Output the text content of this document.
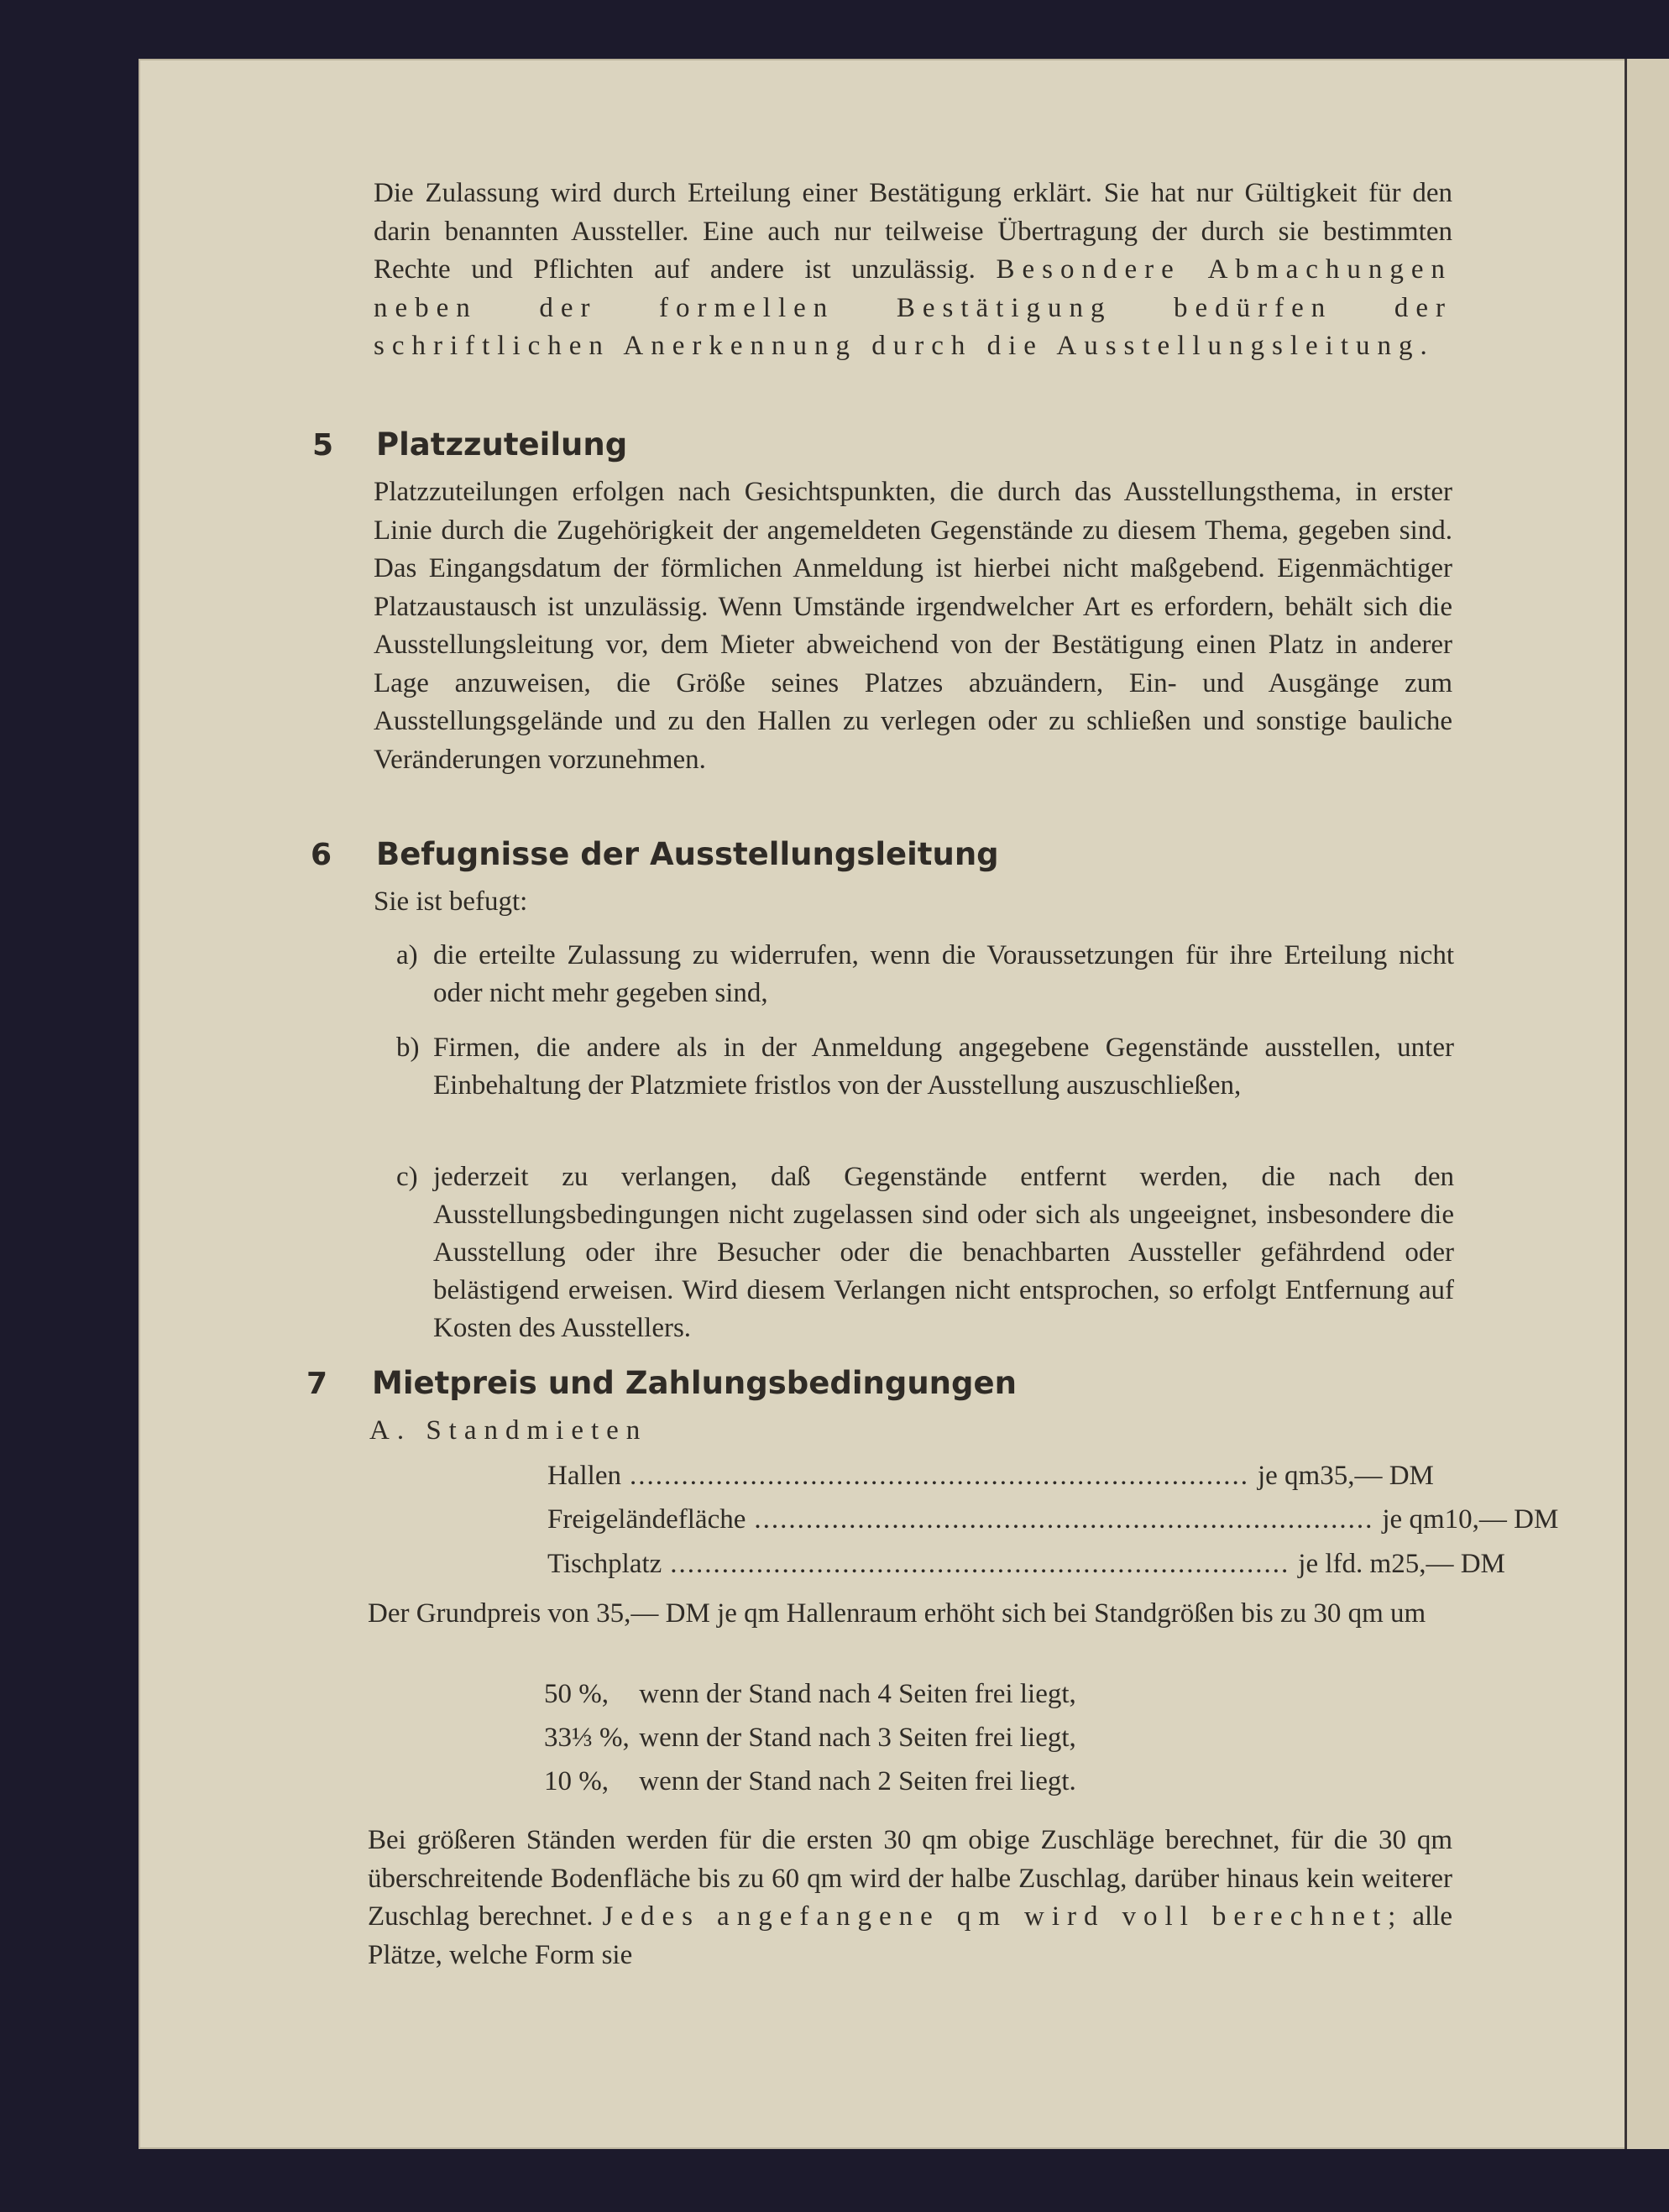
Die Zulassung wird durch Erteilung einer Bestätigung erklärt. Sie hat nur Gültigkeit für den darin benannten Aussteller. Eine auch nur teilweise Übertragung der durch sie bestimmten Rechte und Pflichten auf andere ist unzulässig. Besondere Abmachungen neben der formellen Bestätigung bedürfen der schriftlichen Anerkennung durch die Ausstellungsleitung.
5 Platzzuteilung
Platzzuteilungen erfolgen nach Gesichtspunkten, die durch das Ausstellungsthema, in erster Linie durch die Zugehörigkeit der angemeldeten Gegenstände zu diesem Thema, gegeben sind. Das Eingangsdatum der förmlichen Anmeldung ist hierbei nicht maßgebend. Eigenmächtiger Platzaustausch ist unzulässig. Wenn Umstände irgendwelcher Art es erfordern, behält sich die Ausstellungsleitung vor, dem Mieter abweichend von der Bestätigung einen Platz in anderer Lage anzuweisen, die Größe seines Platzes abzuändern, Ein- und Ausgänge zum Ausstellungsgelände und zu den Hallen zu verlegen oder zu schließen und sonstige bauliche Veränderungen vorzunehmen.
6 Befugnisse der Ausstellungsleitung
Sie ist befugt:
a) die erteilte Zulassung zu widerrufen, wenn die Voraussetzungen für ihre Erteilung nicht oder nicht mehr gegeben sind,
b) Firmen, die andere als in der Anmeldung angegebene Gegenstände ausstellen, unter Einbehaltung der Platzmiete fristlos von der Ausstellung auszuschließen,
c) jederzeit zu verlangen, daß Gegenstände entfernt werden, die nach den Ausstellungsbedingungen nicht zugelassen sind oder sich als ungeeignet, insbesondere die Ausstellung oder ihre Besucher oder die benachbarten Aussteller gefährdend oder belästigend erweisen. Wird diesem Verlangen nicht entsprochen, so erfolgt Entfernung auf Kosten des Ausstellers.
7 Mietpreis und Zahlungsbedingungen
A. Standmieten
Hallen ........................................................................ je qm 35,— DM
Freigeländefläche ........................................................................ je qm 10,— DM
Tischplatz ........................................................................ je lfd. m 25,— DM
Der Grundpreis von 35,— DM je qm Hallenraum erhöht sich bei Standgrößen bis zu 30 qm um
50 %, wenn der Stand nach 4 Seiten frei liegt,
33⅓ %, wenn der Stand nach 3 Seiten frei liegt,
10 %, wenn der Stand nach 2 Seiten frei liegt.
Bei größeren Ständen werden für die ersten 30 qm obige Zuschläge berechnet, für die 30 qm überschreitende Bodenfläche bis zu 60 qm wird der halbe Zuschlag, darüber hinaus kein weiterer Zuschlag berechnet. Jedes angefangene qm wird voll berechnet; alle Plätze, welche Form sie
